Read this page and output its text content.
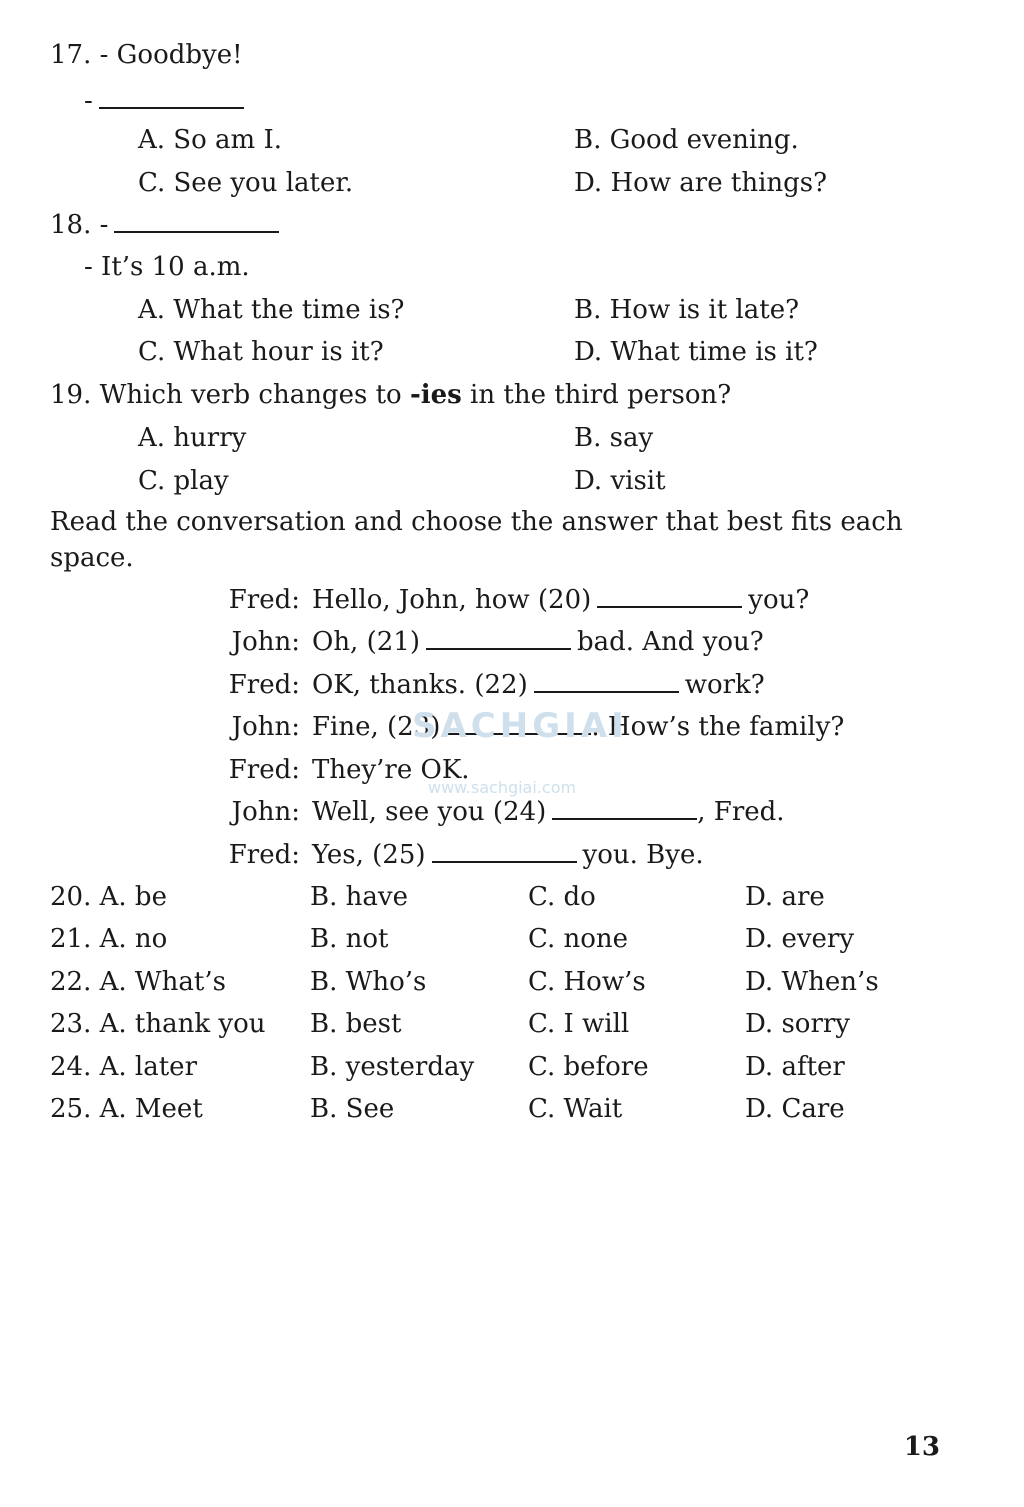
17. - Goodbye!
-
A. So am I.	B. Good evening.
C. See you later.	D. How are things?
18. -
- It’s 10 a.m.
A. What the time is?	B. How is it late?
C. What hour is it?	D. What time is it?
19. Which verb changes to -ies in the third person?
A. hurry	B. say
C. play	D. visit
Read the conversation and choose the answer that best fits each
space.
Fred: Hello, John, how (20)	you?
John: Oh, (21)	bad. And you?
Fred: OK, thanks. (22)	work?
John: Fine, (23)	. How’s the family?
Fred: They’re OK.
John: Well, see you (24)	, Fred.
Fred: Yes, (25)	you. Bye.
20. A. be	B. have	C. do	D. are
21. A. no	B. not	C. none	D. every
22. A. What’s	B. Who’s	C. How’s	D. When’s
23. A. thank you B. best	C. I will	D. sorry
24. A. later	B. yesterday C. before	D. after
25. A. Meet	B. See	C. Wait	D. Care
SACHGIAI
www.sachgiai.com
13
